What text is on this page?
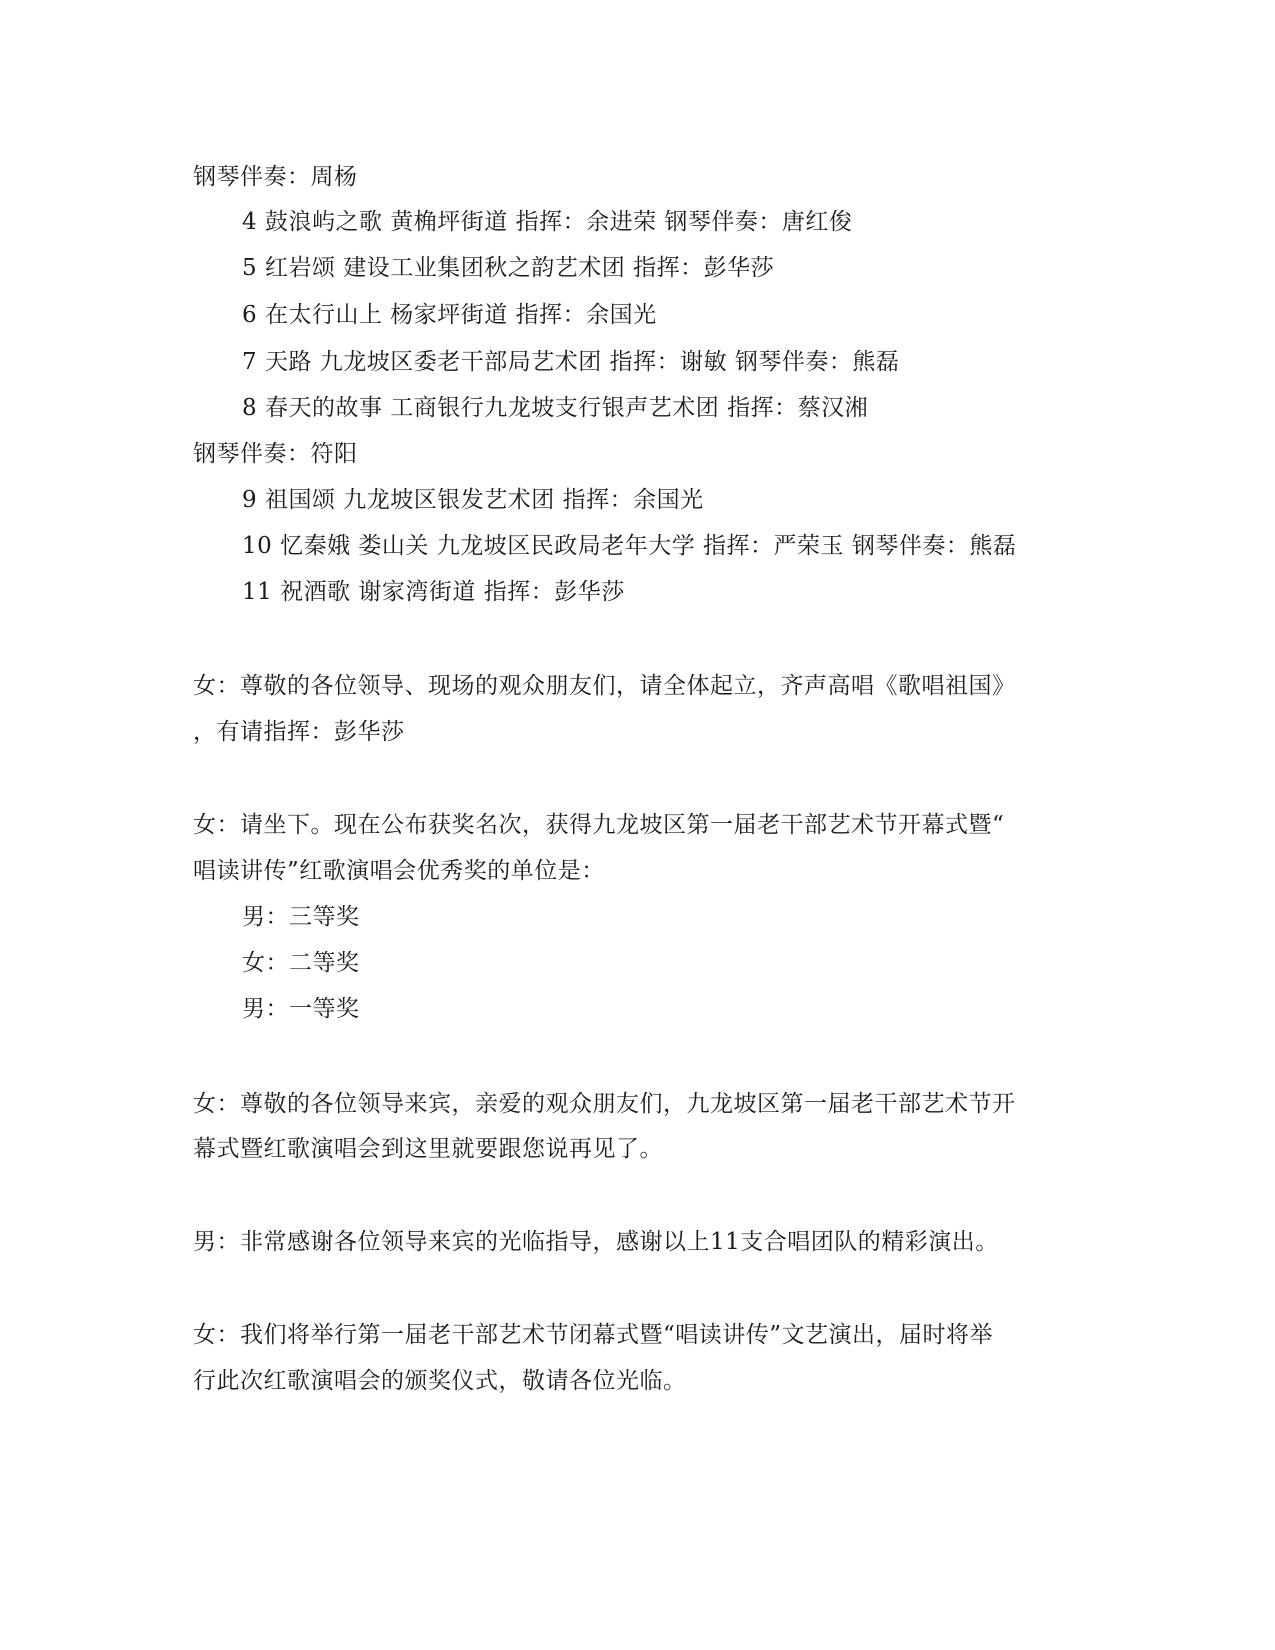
钢琴伴奏：周杨
4 鼓浪屿之歌 黄桷坪街道 指挥：余进荣 钢琴伴奏：唐红俊
5 红岩颂 建设工业集团秋之韵艺术团 指挥：彭华莎
6 在太行山上 杨家坪街道 指挥：余国光
7 天路 九龙坡区委老干部局艺术团 指挥：谢敏 钢琴伴奏：熊磊
8 春天的故事 工商银行九龙坡支行银声艺术团 指挥：蔡汉湘
钢琴伴奏：符阳
9 祖国颂 九龙坡区银发艺术团 指挥：余国光
10 忆秦娥 娄山关 九龙坡区民政局老年大学 指挥：严荣玉 钢琴伴奏：熊磊
11 祝酒歌 谢家湾街道 指挥：彭华莎
女：尊敬的各位领导、现场的观众朋友们，请全体起立，齐声高唱《歌唱祖国》
，有请指挥：彭华莎
女：请坐下。现在公布获奖名次，获得九龙坡区第一届老干部艺术节开幕式暨“
唱读讲传”红歌演唱会优秀奖的单位是：
男：三等奖
女：二等奖
男：一等奖
女：尊敬的各位领导来宾，亲爱的观众朋友们，九龙坡区第一届老干部艺术节开
幕式暨红歌演唱会到这里就要跟您说再见了。
男：非常感谢各位领导来宾的光临指导，感谢以上11支合唱团队的精彩演出。
女：我们将举行第一届老干部艺术节闭幕式暨“唱读讲传”文艺演出，届时将举
行此次红歌演唱会的颁奖仪式，敬请各位光临。
